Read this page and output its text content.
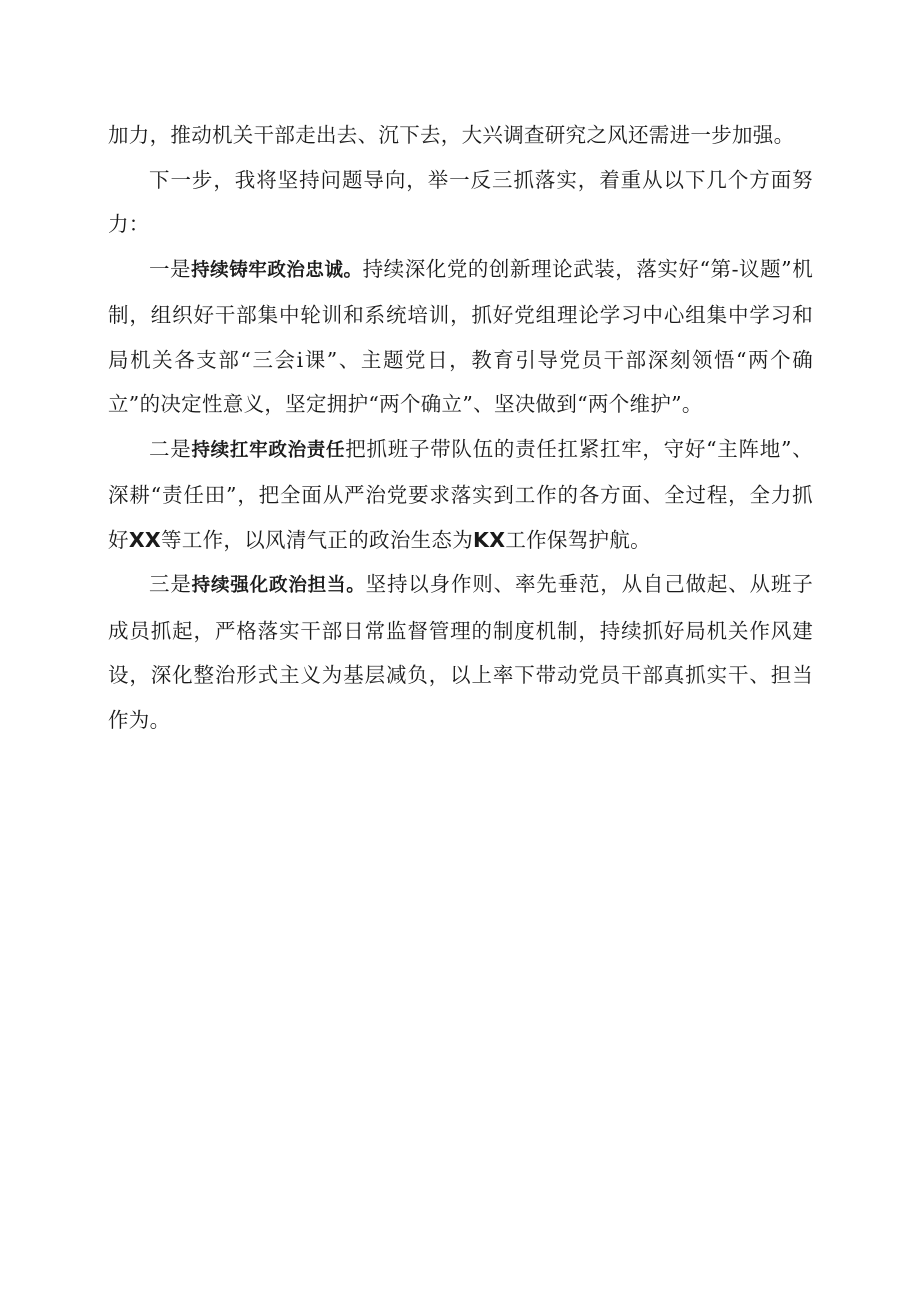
加力，推动机关干部走出去、沉下去，大兴调查研究之风还需进一步加强。

下一步，我将坚持问题导向，举一反三抓落实，着重从以下几个方面努力：

一是持续铸牢政治忠诚。持续深化党的创新理论武装，落实好“第-议题”机制，组织好干部集中轮训和系统培训，抓好党组理论学习中心组集中学习和局机关各支部“三会i课”、主题党日，教育引导党员干部深刻领悟“两个确立”的决定性意义，坚定拥护“两个确立”、坚决做到“两个维护”。

二是持续扛牢政治责任把抓班子带队伍的责任扛紧扛牢，守好“主阵地”、深耕“责任田”，把全面从严治党要求落实到工作的各方面、全过程，全力抓好XX等工作，以风清气正的政治生态为KX工作保驾护航。

三是持续强化政治担当。坚持以身作则、率先垂范，从自己做起、从班子成员抓起，严格落实干部日常监督管理的制度机制，持续抓好局机关作风建设，深化整治形式主义为基层减负，以上率下带动党员干部真抓实干、担当作为。
